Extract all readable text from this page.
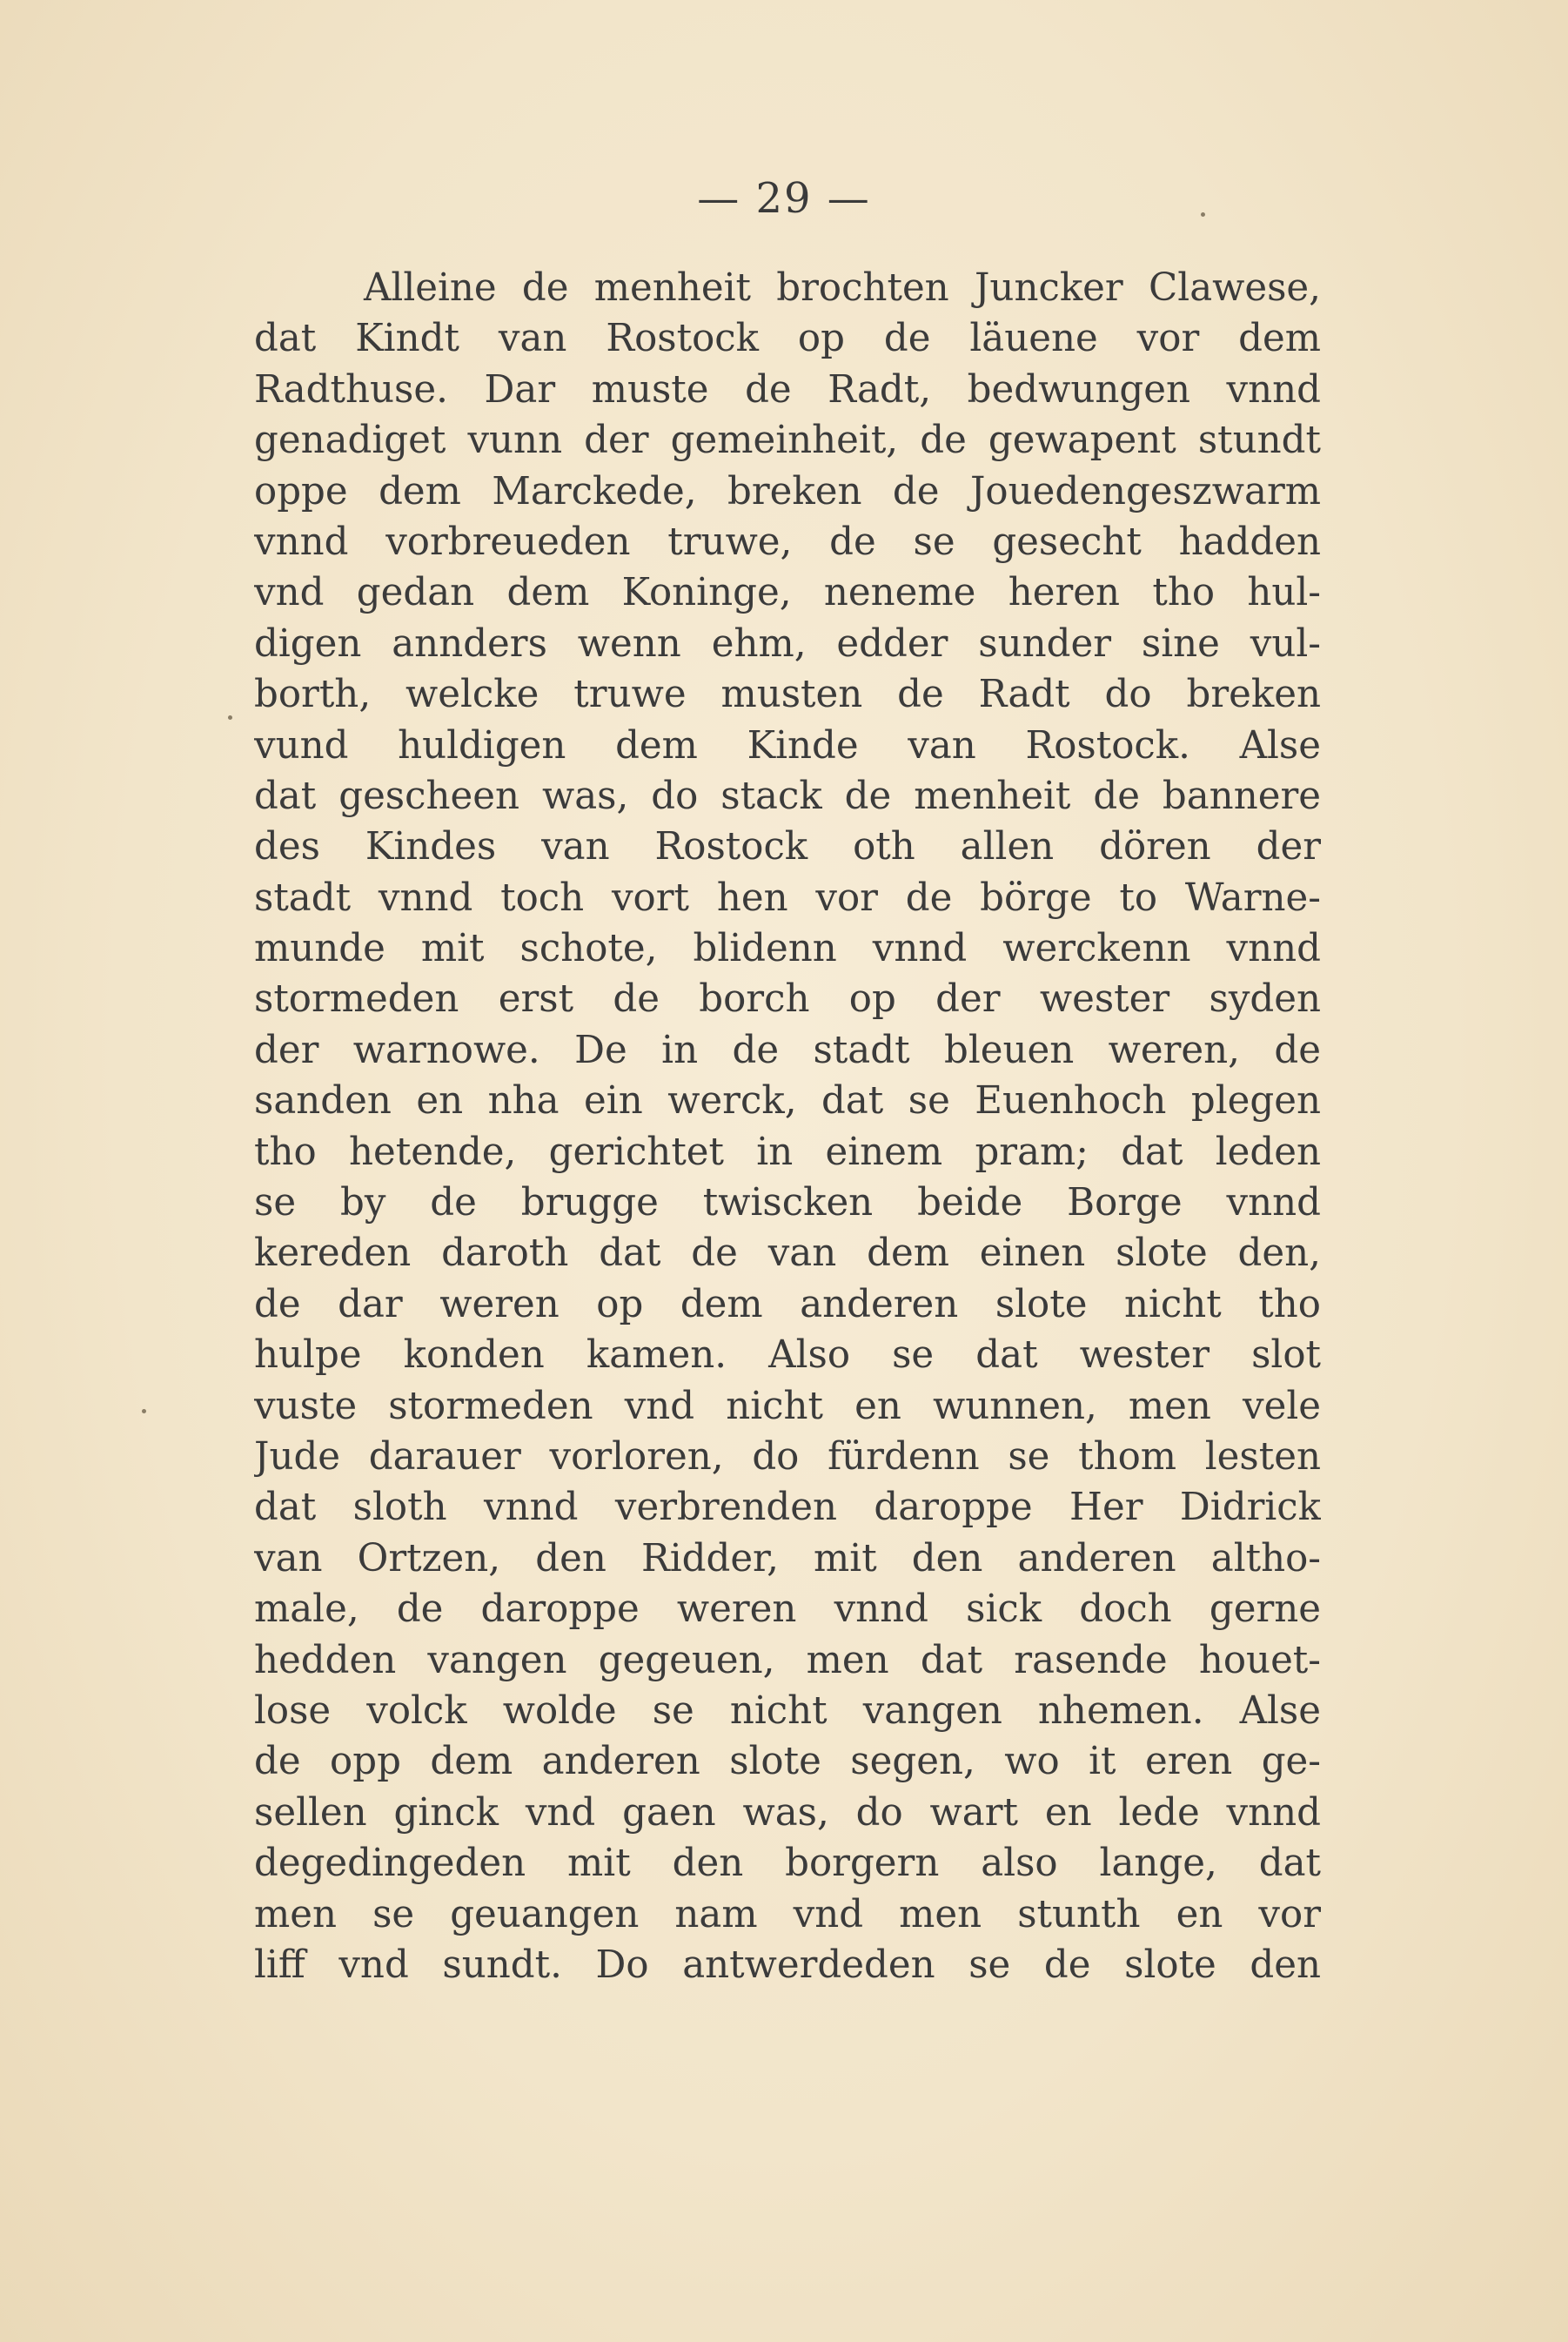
— 29 —
Alleine de menheit brochten Juncker Clawese,
dat Kindt van Rostock op de läuene vor dem
Radthuse. Dar muste de Radt, bedwungen vnnd
genadiget vunn der gemeinheit, de gewapent stundt
oppe dem Marckede, breken de Jouedengeszwarm
vnnd vorbreueden truwe, de se gesecht hadden
vnd gedan dem Koninge, neneme heren tho hul-
digen annders wenn ehm, edder sunder sine vul-
borth, welcke truwe musten de Radt do breken
vund huldigen dem Kinde van Rostock. Alse
dat gescheen was, do stack de menheit de bannere
des Kindes van Rostock oth allen dören der
stadt vnnd toch vort hen vor de börge to Warne-
munde mit schote, blidenn vnnd werckenn vnnd
stormeden erst de borch op der wester syden
der warnowe. De in de stadt bleuen weren, de
sanden en nha ein werck, dat se Euenhoch plegen
tho hetende, gerichtet in einem pram; dat leden
se by de brugge twiscken beide Borge vnnd
kereden daroth dat de van dem einen slote den,
de dar weren op dem anderen slote nicht tho
hulpe konden kamen. Also se dat wester slot
vuste stormeden vnd nicht en wunnen, men vele
Jude darauer vorloren, do fürdenn se thom lesten
dat sloth vnnd verbrenden daroppe Her Didrick
van Ortzen, den Ridder, mit den anderen altho-
male, de daroppe weren vnnd sick doch gerne
hedden vangen gegeuen, men dat rasende houet-
lose volck wolde se nicht vangen nhemen. Alse
de opp dem anderen slote segen, wo it eren ge-
sellen ginck vnd gaen was, do wart en lede vnnd
degedingeden mit den borgern also lange, dat
men se geuangen nam vnd men stunth en vor
liff vnd sundt. Do antwerdeden se de slote den
